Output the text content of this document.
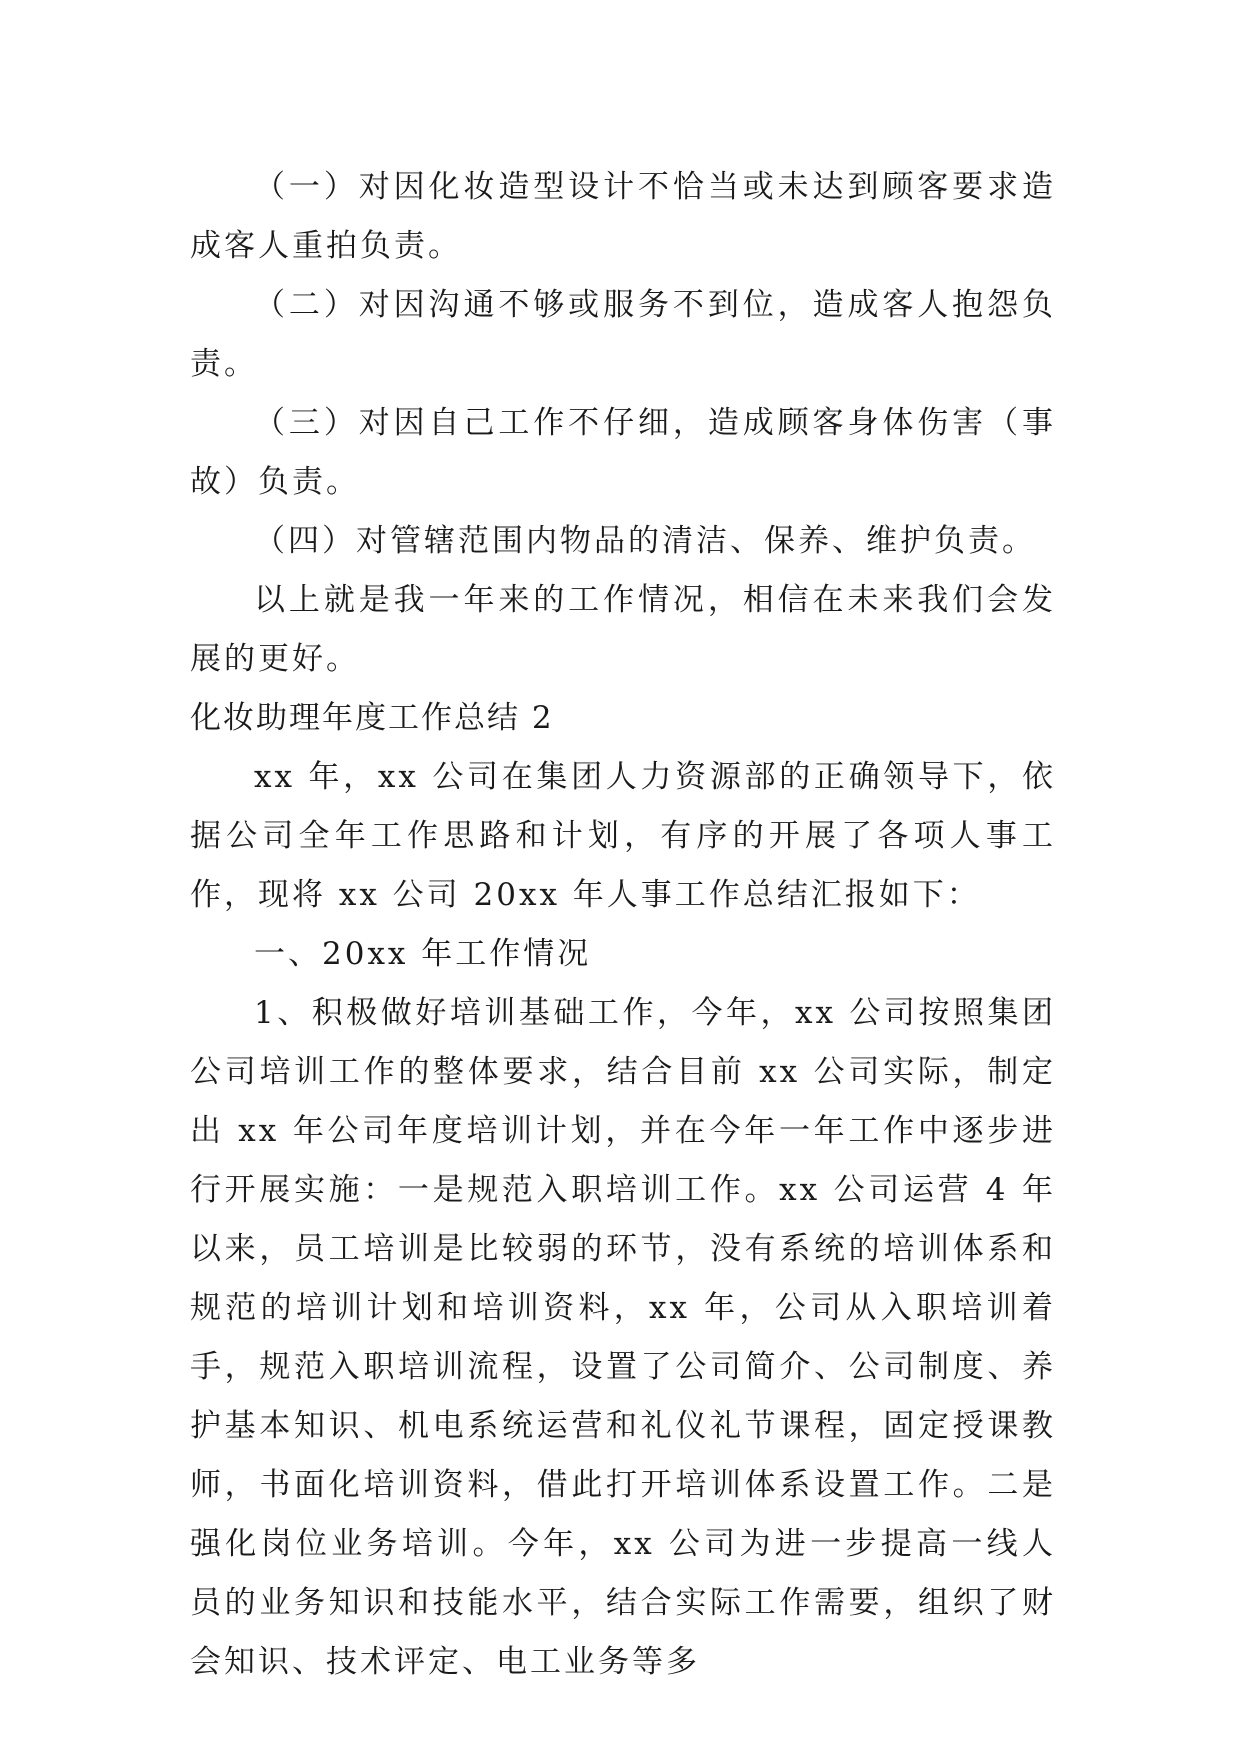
（一）对因化妆造型设计不恰当或未达到顾客要求造成客人重拍负责。

（二）对因沟通不够或服务不到位，造成客人抱怨负责。

（三）对因自己工作不仔细，造成顾客身体伤害（事故）负责。

（四）对管辖范围内物品的清洁、保养、维护负责。

以上就是我一年来的工作情况，相信在未来我们会发展的更好。

化妆助理年度工作总结 2

xx 年，xx 公司在集团人力资源部的正确领导下，依据公司全年工作思路和计划，有序的开展了各项人事工作，现将 xx 公司 20xx 年人事工作总结汇报如下：

一、20xx 年工作情况

1、积极做好培训基础工作，今年，xx 公司按照集团公司培训工作的整体要求，结合目前 xx 公司实际，制定出 xx 年公司年度培训计划，并在今年一年工作中逐步进行开展实施：一是规范入职培训工作。xx 公司运营 4 年以来，员工培训是比较弱的环节，没有系统的培训体系和规范的培训计划和培训资料，xx 年，公司从入职培训着手，规范入职培训流程，设置了公司简介、公司制度、养护基本知识、机电系统运营和礼仪礼节课程，固定授课教师，书面化培训资料，借此打开培训体系设置工作。二是强化岗位业务培训。今年，xx 公司为进一步提高一线人员的业务知识和技能水平，结合实际工作需要，组织了财会知识、技术评定、电工业务等多
